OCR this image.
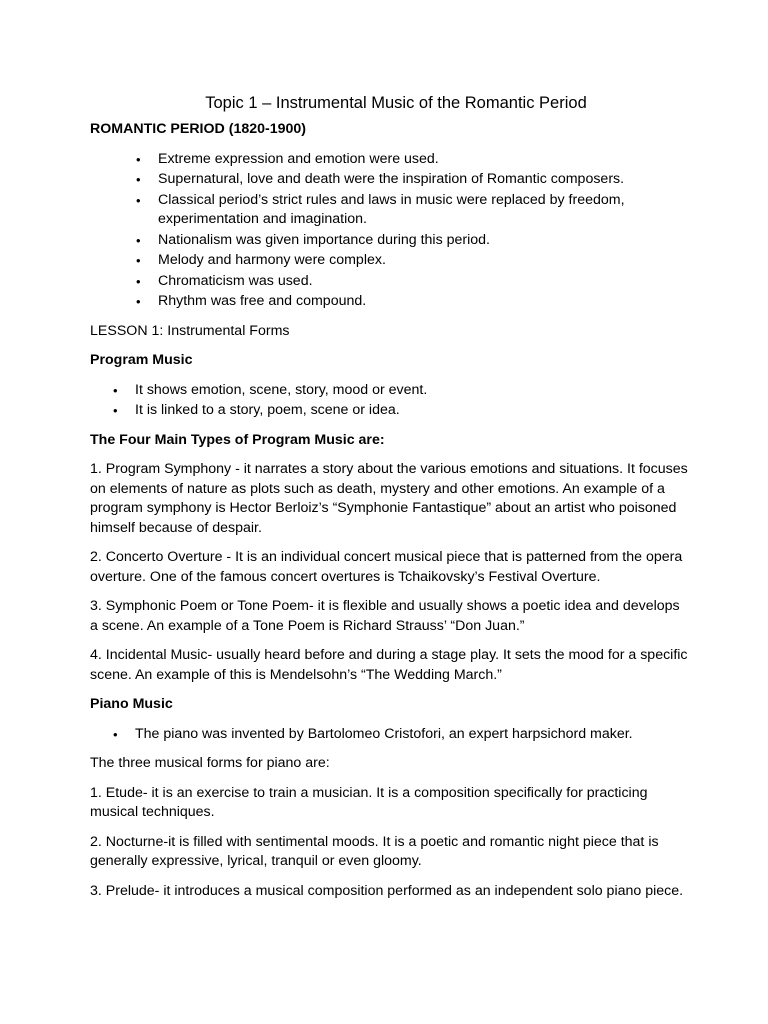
Topic 1 – Instrumental Music of the Romantic Period
ROMANTIC PERIOD (1820-1900)
• Extreme expression and emotion were used.
• Supernatural, love and death were the inspiration of Romantic composers.
• Classical period’s strict rules and laws in music were replaced by freedom, experimentation and imagination.
• Nationalism was given importance during this period.
• Melody and harmony were complex.
• Chromaticism was used.
• Rhythm was free and compound.
LESSON 1: Instrumental Forms
Program Music
• It shows emotion, scene, story, mood or event.
• It is linked to a story, poem, scene or idea.
The Four Main Types of Program Music are:

1. Program Symphony - it narrates a story about the various emotions and situations. It focuses on elements of nature as plots such as death, mystery and other emotions. An example of a program symphony is Hector Berloiz’s “Symphonie Fantastique” about an artist who poisoned himself because of despair.

2. Concerto Overture - It is an individual concert musical piece that is patterned from the opera overture. One of the famous concert overtures is Tchaikovsky’s Festival Overture.

3. Symphonic Poem or Tone Poem- it is flexible and usually shows a poetic idea and develops a scene. An example of a Tone Poem is Richard Strauss’ “Don Juan.”

4. Incidental Music- usually heard before and during a stage play. It sets the mood for a specific scene. An example of this is Mendelsohn’s “The Wedding March.”

Piano Music
• The piano was invented by Bartolomeo Cristofori, an expert harpsichord maker.

The three musical forms for piano are:

1. Etude- it is an exercise to train a musician. It is a composition specifically for practicing musical techniques.

2. Nocturne-it is filled with sentimental moods. It is a poetic and romantic night piece that is generally expressive, lyrical, tranquil or even gloomy.

3. Prelude- it introduces a musical composition performed as an independent solo piano piece.
